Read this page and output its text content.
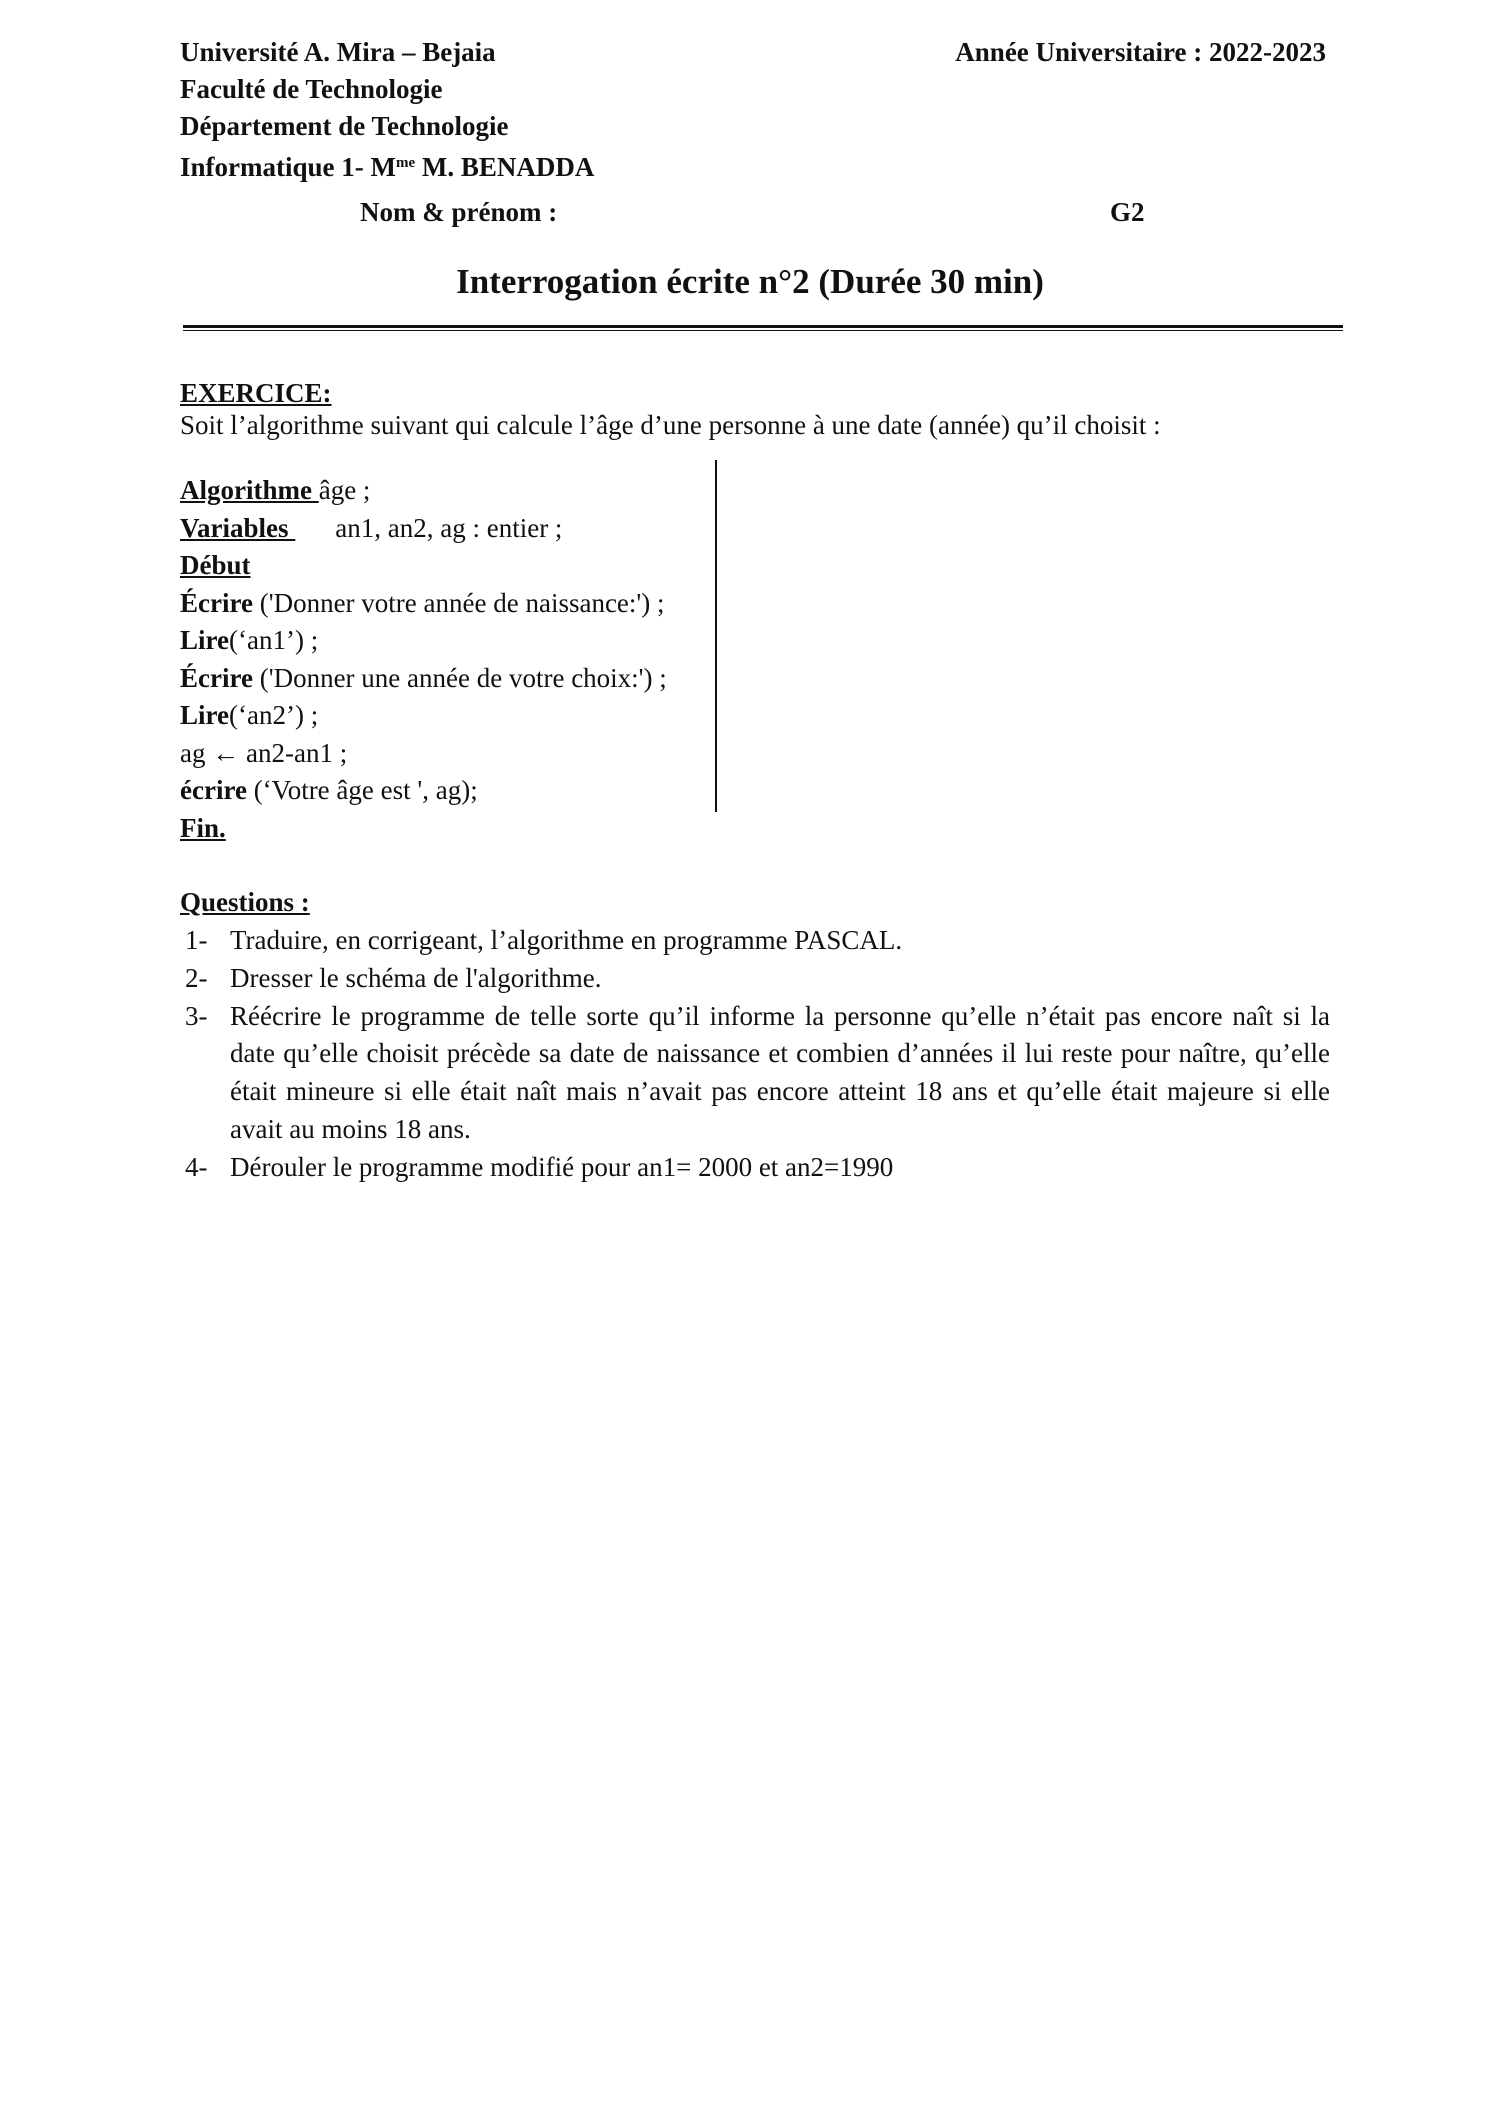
Université A. Mira – Bejaia
Faculté de Technologie
Département de Technologie
Informatique 1- $M^{me}$ M. BENADDA
Année Universitaire : 2022-2023
Nom & prénom :	G2
Interrogation écrite n°2 (Durée 30 min)
EXERCICE:
Soit l’algorithme suivant qui calcule l’âge d’une personne à une date (année) qu’il choisit :
Algorithme âge ;
Variables an1, an2, ag : entier ;
Début
Écrire ('Donner votre année de naissance:') ;
Lire(‘an1’) ;
Écrire ('Donner une année de votre choix:') ;
Lire(‘an2’) ;
ag ← an2-an1 ;
écrire (‘Votre âge est ', ag);
Fin.
Questions :
1- Traduire, en corrigeant, l’algorithme en programme PASCAL.
2- Dresser le schéma de l'algorithme.
3- Réécrire le programme de telle sorte qu’il informe la personne qu’elle n’était pas encore naît si la date qu’elle choisit précède sa date de naissance et combien d’années il lui reste pour naître, qu’elle était mineure si elle était naît mais n’avait pas encore atteint 18 ans et qu’elle était majeure si elle avait au moins 18 ans.
4- Dérouler le programme modifié pour an1= 2000 et an2=1990
